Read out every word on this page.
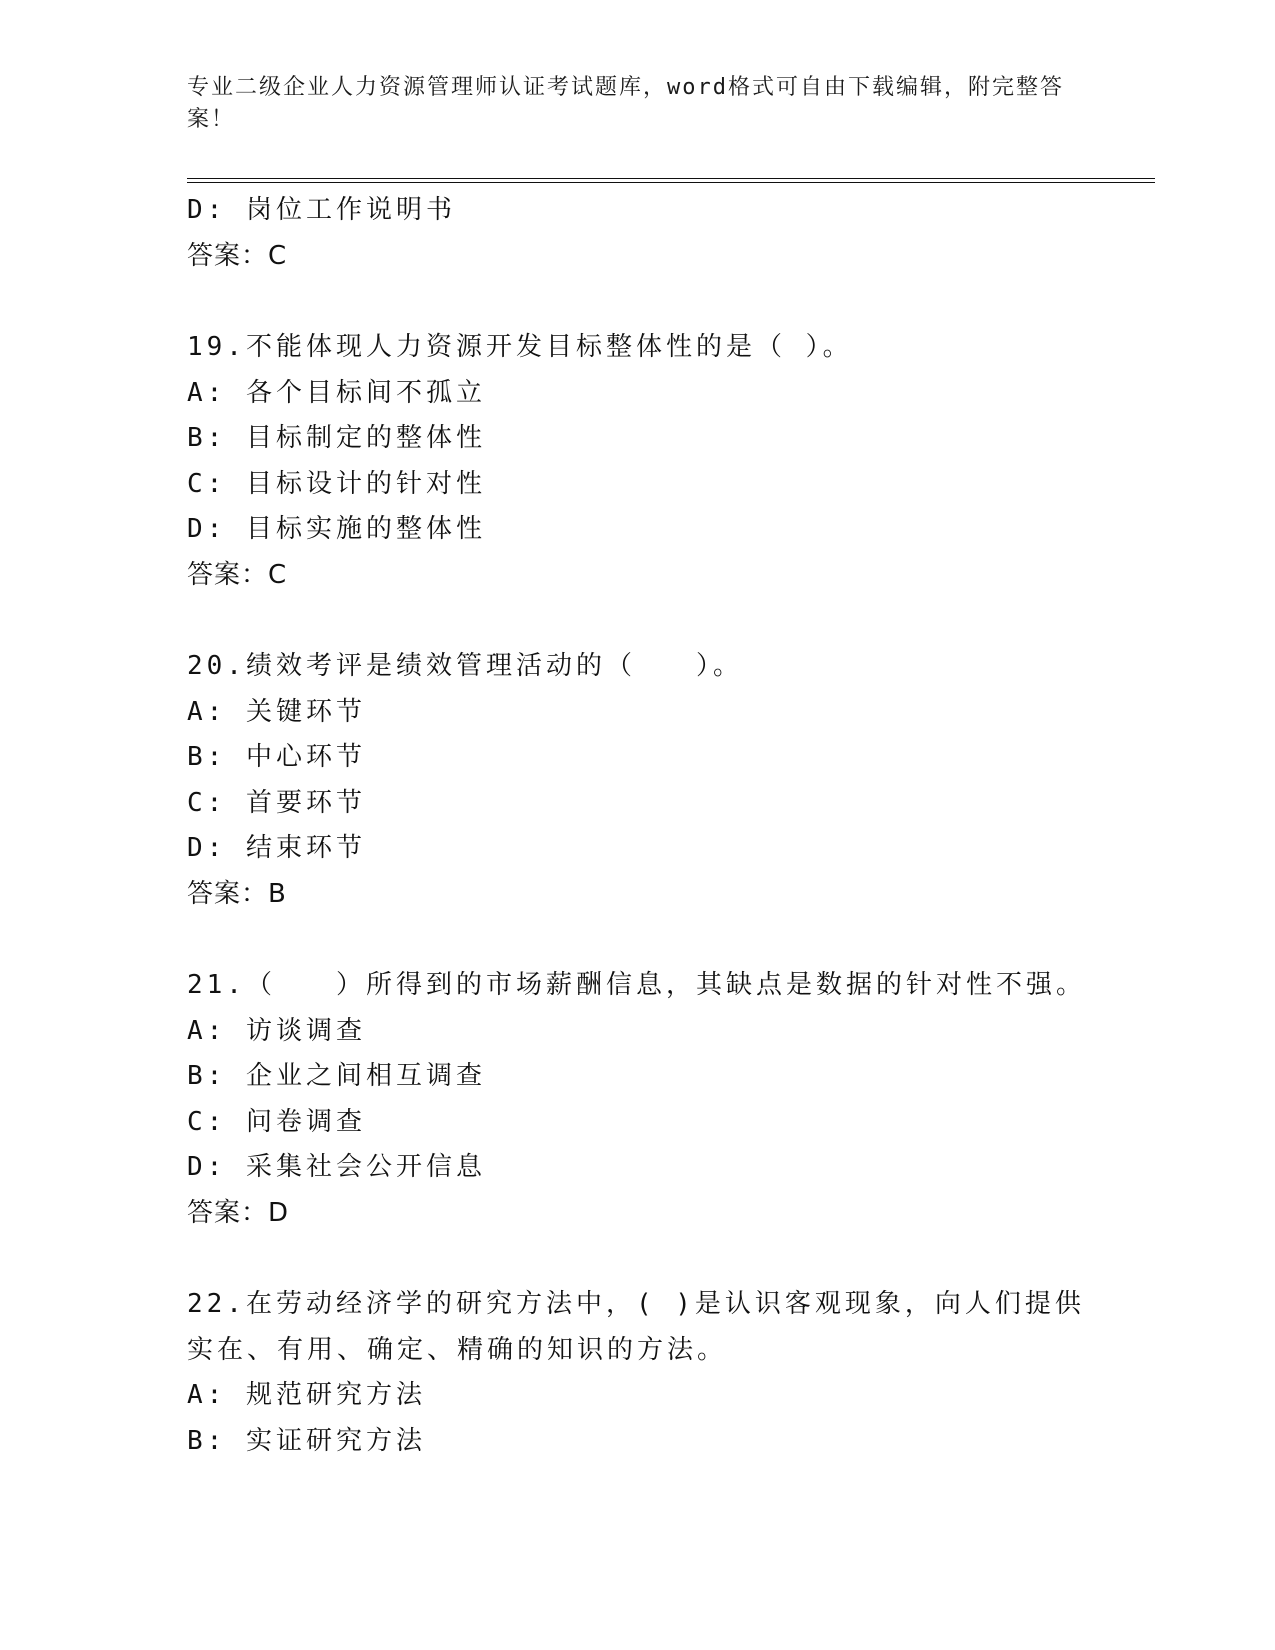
专业二级企业人力资源管理师认证考试题库，word格式可自由下载编辑，附完整答案！
D: 岗位工作说明书
答案：C
19.不能体现人力资源开发目标整体性的是（ ）。
A: 各个目标间不孤立
B: 目标制定的整体性
C: 目标设计的针对性
D: 目标实施的整体性
答案：C
20.绩效考评是绩效管理活动的（　　）。
A: 关键环节
B: 中心环节
C: 首要环节
D: 结束环节
答案：B
21.（　　）所得到的市场薪酬信息，其缺点是数据的针对性不强。
A: 访谈调查
B: 企业之间相互调查
C: 问卷调查
D: 采集社会公开信息
答案：D
22.在劳动经济学的研究方法中，( )是认识客观现象，向人们提供实在、有用、确定、精确的知识的方法。
A: 规范研究方法
B: 实证研究方法
